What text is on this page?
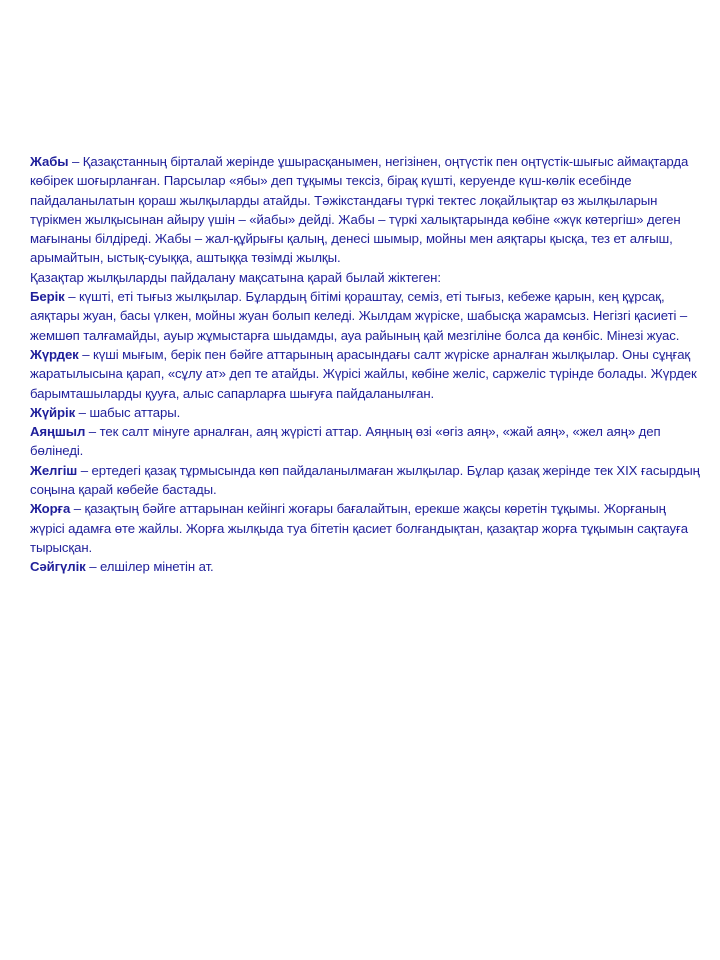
Жабы – Қазақстанның бірталай жерінде ұшырасқанымен, негізінен, оңтүстік пен оңтүстік-шығыс аймақтарда көбірек шоғырланған. Парсылар «ябы» деп тұқымы тексіз, бірақ күшті, керуенде күш-көлік есебінде пайдаланылатын қораш жылқыларды атайды. Тәжікстандағы түркі тектес лоқайлықтар өз жылқыларын түрікмен жылқысынан айыру үшін – «йабы» дейді. Жабы – түркі халықтарында көбіне «жүк көтергіш» деген мағынаны білдіреді. Жабы – жал-құйрығы қалың, денесі шымыр, мойны мен аяқтары қысқа, тез ет алғыш, арымайтын, ыстық-суыққа, аштыққа төзімді жылқы.

Қазақтар жылқыларды пайдалану мақсатына қарай былай жіктеген:

Берік – күшті, еті тығыз жылқылар. Бұлардың бітімі қораштау, семіз, еті тығыз, кебеже қарын, кең құрсақ, аяқтары жуан, басы үлкен, мойны жуан болып келеді. Жылдам жүріске, шабысқа жарамсыз. Негізгі қасиеті – жемшөп талғамайды, ауыр жұмыстарға шыдамды, ауа райының қай мезгіліне болса да көнбіс. Мінезі жуас.

Жүрдек – күші мығым, берік пен бәйге аттарының арасындағы салт жүріске арналған жылқылар. Оны сұңғақ жаратылысына қарап, «сұлу ат» деп те атайды. Жүрісі жайлы, көбіне желіс, саржеліс түрінде болады. Жүрдек барымташыларды қууға, алыс сапарларға шығуға пайдаланылған.

Жүйрік – шабыс аттары.

Аяңшыл – тек салт мінуге арналған, аяң жүрісті аттар. Аяңның өзі «өгіз аяң», «жай аяң», «жел аяң» деп бөлінеді.

Желгіш – ертедегі қазақ тұрмысында көп пайдаланылмаған жылқылар. Бұлар қазақ жерінде тек XIX ғасырдың соңына қарай көбейе бастады.

Жорға – қазақтың бәйге аттарынан кейінгі жоғары бағалайтын, ерекше жақсы көретін тұқымы. Жорғаның жүрісі адамға өте жайлы. Жорға жылқыда туа бітетін қасиет болғандықтан, қазақтар жорға тұқымын сақтауға тырысқан.

Сәйгүлік – елшілер мінетін ат.
